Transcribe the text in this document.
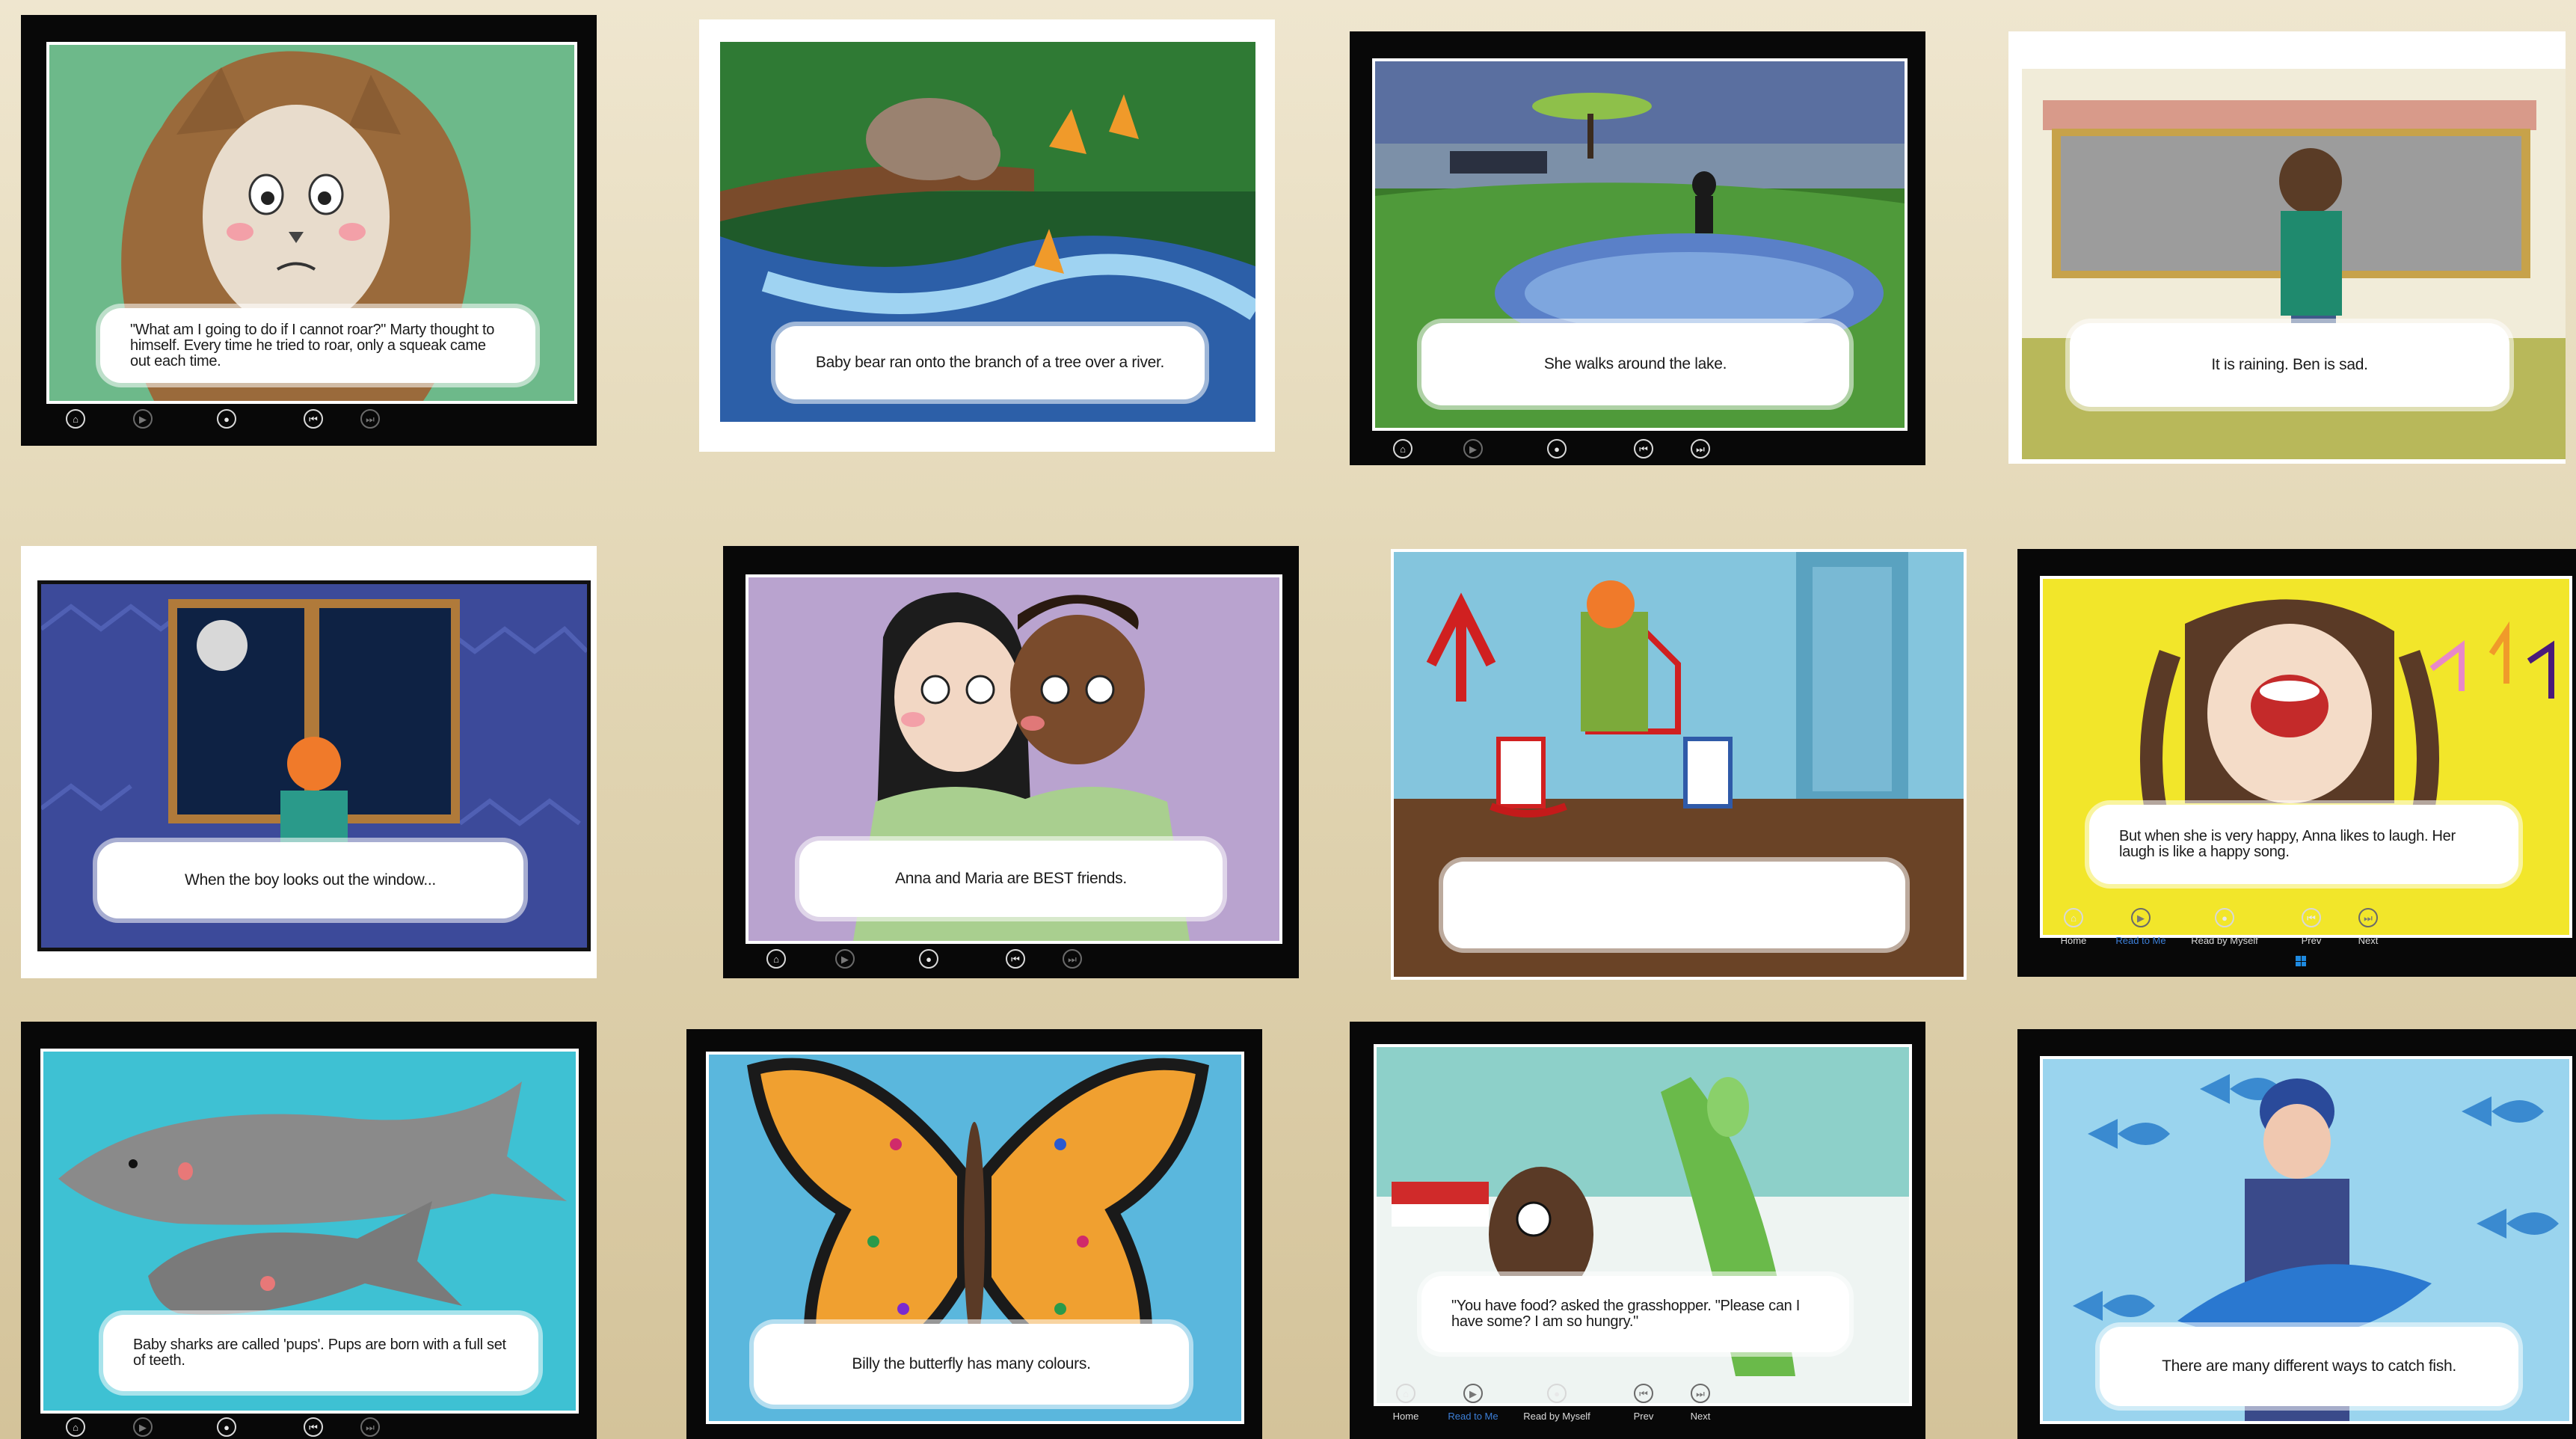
"What am I going to do if I cannot roar?" Marty thought to himself. Every time he tried to roar, only a squeak came out each time.
⌂	▶	●	⏮	⏭
Baby bear ran onto the branch of a tree over a river.	She walks around the lake.
⌂	▶	●	⏮	⏭
It is raining. Ben is sad.
When the boy looks out the window...	Anna and Maria are BEST friends.
⌂	▶	●	⏮	⏭
But when she is very happy, Anna likes to laugh. Her laugh is like a happy song.
⌂
Home
▶
Read to Me
●
Read by Myself
⏮
Prev
⏭
Next
Baby sharks are called 'pups'. Pups are born with a full set of teeth.
⌂	▶	●	⏮	⏭
Billy the butterfly has many colours.
"You have food? asked the grasshopper. "Please can I have some? I am so hungry."
⌂
Home
▶
Read to Me
●
Read by Myself
⏮
Prev
⏭
Next
There are many different ways to catch fish.
